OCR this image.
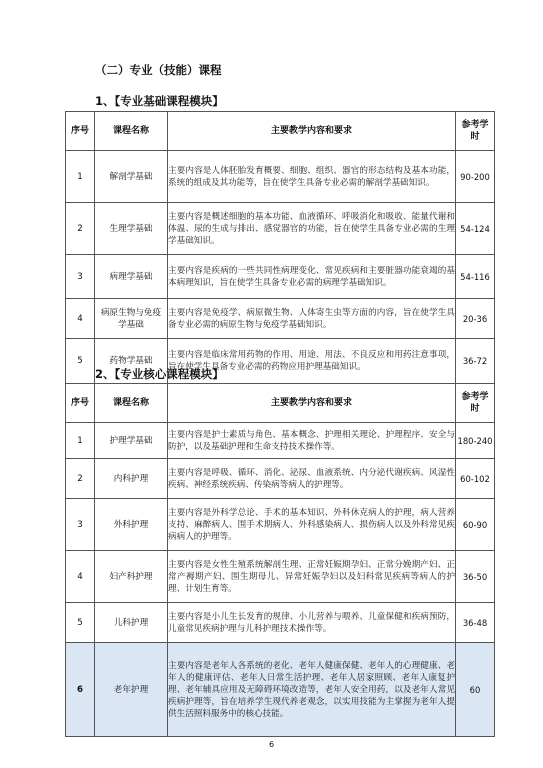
（二）专业（技能）课程
1、【专业基础课程模块】
序号	课程名称	主要教学内容和要求	参考学时
1	解剖学基础	主要内容是人体胚胎发育概要、细胞、组织、器官的形态结构及基本功能，系统的组成及其功能等，旨在使学生具备专业必需的解剖学基础知识。	90-200
2	生理学基础	主要内容是概述细胞的基本功能、血液循环、呼吸消化和吸收、能量代谢和体温、尿的生成与排出、感觉器官的功能，旨在使学生具备专业必需的生理学基础知识。	54-124
3	病理学基础	主要内容是疾病的一些共同性病理变化、常见疾病和主要脏器功能衰竭的基本病理知识，旨在使学生具备专业必需的病理学基础知识。	54-116
4	病原生物与免疫学基础	主要内容是免疫学、病原微生物、人体寄生虫等方面的内容，旨在使学生具备专业必需的病原生物与免疫学基础知识。	20-36
5	药物学基础	主要内容是临床常用药物的作用、用途、用法、不良反应和用药注意事项，旨在使学生具备专业必需的药物应用护理基础知识。	36-72
2、【专业核心课程模块】
序号	课程名称	主要教学内容和要求	参考学时
1	护理学基础	主要内容是护士素质与角色、基本概念、护理相关理论、护理程序、安全与防护，以及基础护理和生命支持技术操作等。	180-240
2	内科护理	主要内容是呼吸、循环、消化、泌尿、血液系统、内分泌代谢疾病、风湿性疾病、神经系统疾病、传染病等病人的护理等。	60-102
3	外科护理	主要内容是外科学总论、手术的基本知识、外科休克病人的护理，病人营养支持、麻醉病人、围手术期病人、外科感染病人、损伤病人以及外科常见疾病病人的护理等。	60-90
4	妇产科护理	主要内容是女性生殖系统解剖生理、正常妊娠期孕妇、正常分娩期产妇、正常产褥期产妇、围生期母儿、异常妊娠孕妇以及妇科常见疾病等病人的护理、计划生育等。	36-50
5	儿科护理	主要内容是小儿生长发育的规律、小儿营养与喂养、儿童保健和疾病预防，儿童常见疾病护理与儿科护理技术操作等。	36-48
6	老年护理	主要内容是老年人各系统的老化、老年人健康保健、老年人的心理健康、老年人的健康评估、老年人日常生活护理、老年人居家照顾、老年人康复护理、老年辅具应用及无障碍环境改造等，老年人安全用药，以及老年人常见疾病护理等，旨在培养学生现代养老观念，以实用技能为主掌握为老年人提供生活照料服务中的核心技能。	60
6
